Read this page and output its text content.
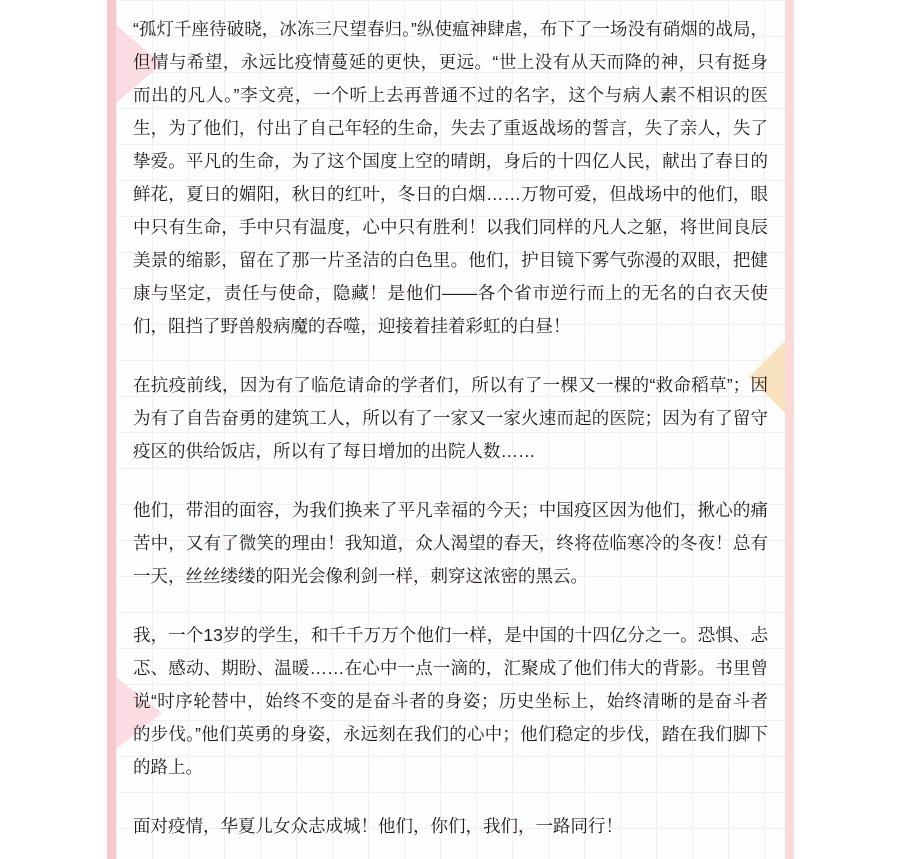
“孤灯千座待破晓，冰冻三尺望春归。”纵使瘟神肆虐，布下了一场没有硝烟的战局，但情与希望，永远比疫情蔓延的更快，更远。“世上没有从天而降的神，只有挺身而出的凡人。”李文亮，一个听上去再普通不过的名字，这个与病人素不相识的医生，为了他们，付出了自己年轻的生命，失去了重返战场的誓言，失了亲人，失了挚爱。平凡的生命，为了这个国度上空的晴朗，身后的十四亿人民，献出了春日的鲜花，夏日的媚阳，秋日的红叶，冬日的白烟……万物可爱，但战场中的他们，眼中只有生命，手中只有温度，心中只有胜利！以我们同样的凡人之躯，将世间良辰美景的缩影，留在了那一片圣洁的白色里。他们，护目镜下雾气弥漫的双眼，把健康与坚定，责任与使命，隐藏！是他们——各个省市逆行而上的无名的白衣天使们，阻挡了野兽般病魔的吞噬，迎接着挂着彩虹的白昼！

在抗疫前线，因为有了临危请命的学者们，所以有了一棵又一棵的“救命稻草”；因为有了自告奋勇的建筑工人，所以有了一家又一家火速而起的医院；因为有了留守疫区的供给饭店，所以有了每日增加的出院人数……

他们，带泪的面容，为我们换来了平凡幸福的今天；中国疫区因为他们，揪心的痛苦中，又有了微笑的理由！我知道，众人渴望的春天，终将莅临寒冷的冬夜！总有一天，丝丝缕缕的阳光会像利剑一样，刺穿这浓密的黑云。

我，一个13岁的学生，和千千万万个他们一样，是中国的十四亿分之一。恐惧、忐忑、感动、期盼、温暖……在心中一点一滴的，汇聚成了他们伟大的背影。书里曾说“时序轮替中，始终不变的是奋斗者的身姿；历史坐标上，始终清晰的是奋斗者的步伐。”他们英勇的身姿，永远刻在我们的心中；他们稳定的步伐，踏在我们脚下的路上。

面对疫情，华夏儿女众志成城！他们，你们，我们，一路同行！
